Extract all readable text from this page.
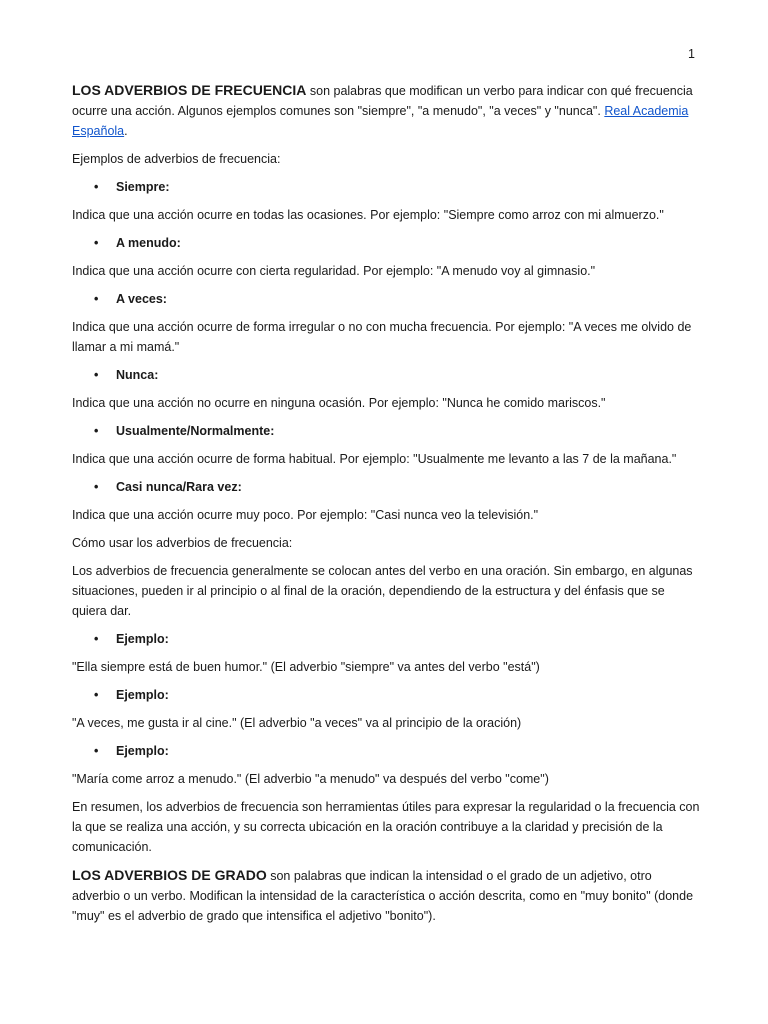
1

LOS ADVERBIOS DE FRECUENCIA son palabras que modifican un verbo para indicar con qué frecuencia ocurre una acción. Algunos ejemplos comunes son "siempre", "a menudo", "a veces" y "nunca". Real Academia Española.

Ejemplos de adverbios de frecuencia:

• Siempre:

Indica que una acción ocurre en todas las ocasiones. Por ejemplo: "Siempre como arroz con mi almuerzo."

• A menudo:

Indica que una acción ocurre con cierta regularidad. Por ejemplo: "A menudo voy al gimnasio."

• A veces:

Indica que una acción ocurre de forma irregular o no con mucha frecuencia. Por ejemplo: "A veces me olvido de llamar a mi mamá."

• Nunca:

Indica que una acción no ocurre en ninguna ocasión. Por ejemplo: "Nunca he comido mariscos."

• Usualmente/Normalmente:

Indica que una acción ocurre de forma habitual. Por ejemplo: "Usualmente me levanto a las 7 de la mañana."

• Casi nunca/Rara vez:

Indica que una acción ocurre muy poco. Por ejemplo: "Casi nunca veo la televisión."

Cómo usar los adverbios de frecuencia:

Los adverbios de frecuencia generalmente se colocan antes del verbo en una oración. Sin embargo, en algunas situaciones, pueden ir al principio o al final de la oración, dependiendo de la estructura y del énfasis que se quiera dar.

• Ejemplo:

"Ella siempre está de buen humor." (El adverbio "siempre" va antes del verbo "está")

• Ejemplo:

"A veces, me gusta ir al cine." (El adverbio "a veces" va al principio de la oración)

• Ejemplo:

"María come arroz a menudo." (El adverbio "a menudo" va después del verbo "come")

En resumen, los adverbios de frecuencia son herramientas útiles para expresar la regularidad o la frecuencia con la que se realiza una acción, y su correcta ubicación en la oración contribuye a la claridad y precisión de la comunicación.

LOS ADVERBIOS DE GRADO son palabras que indican la intensidad o el grado de un adjetivo, otro adverbio o un verbo. Modifican la intensidad de la característica o acción descrita, como en "muy bonito" (donde "muy" es el adverbio de grado que intensifica el adjetivo "bonito").
